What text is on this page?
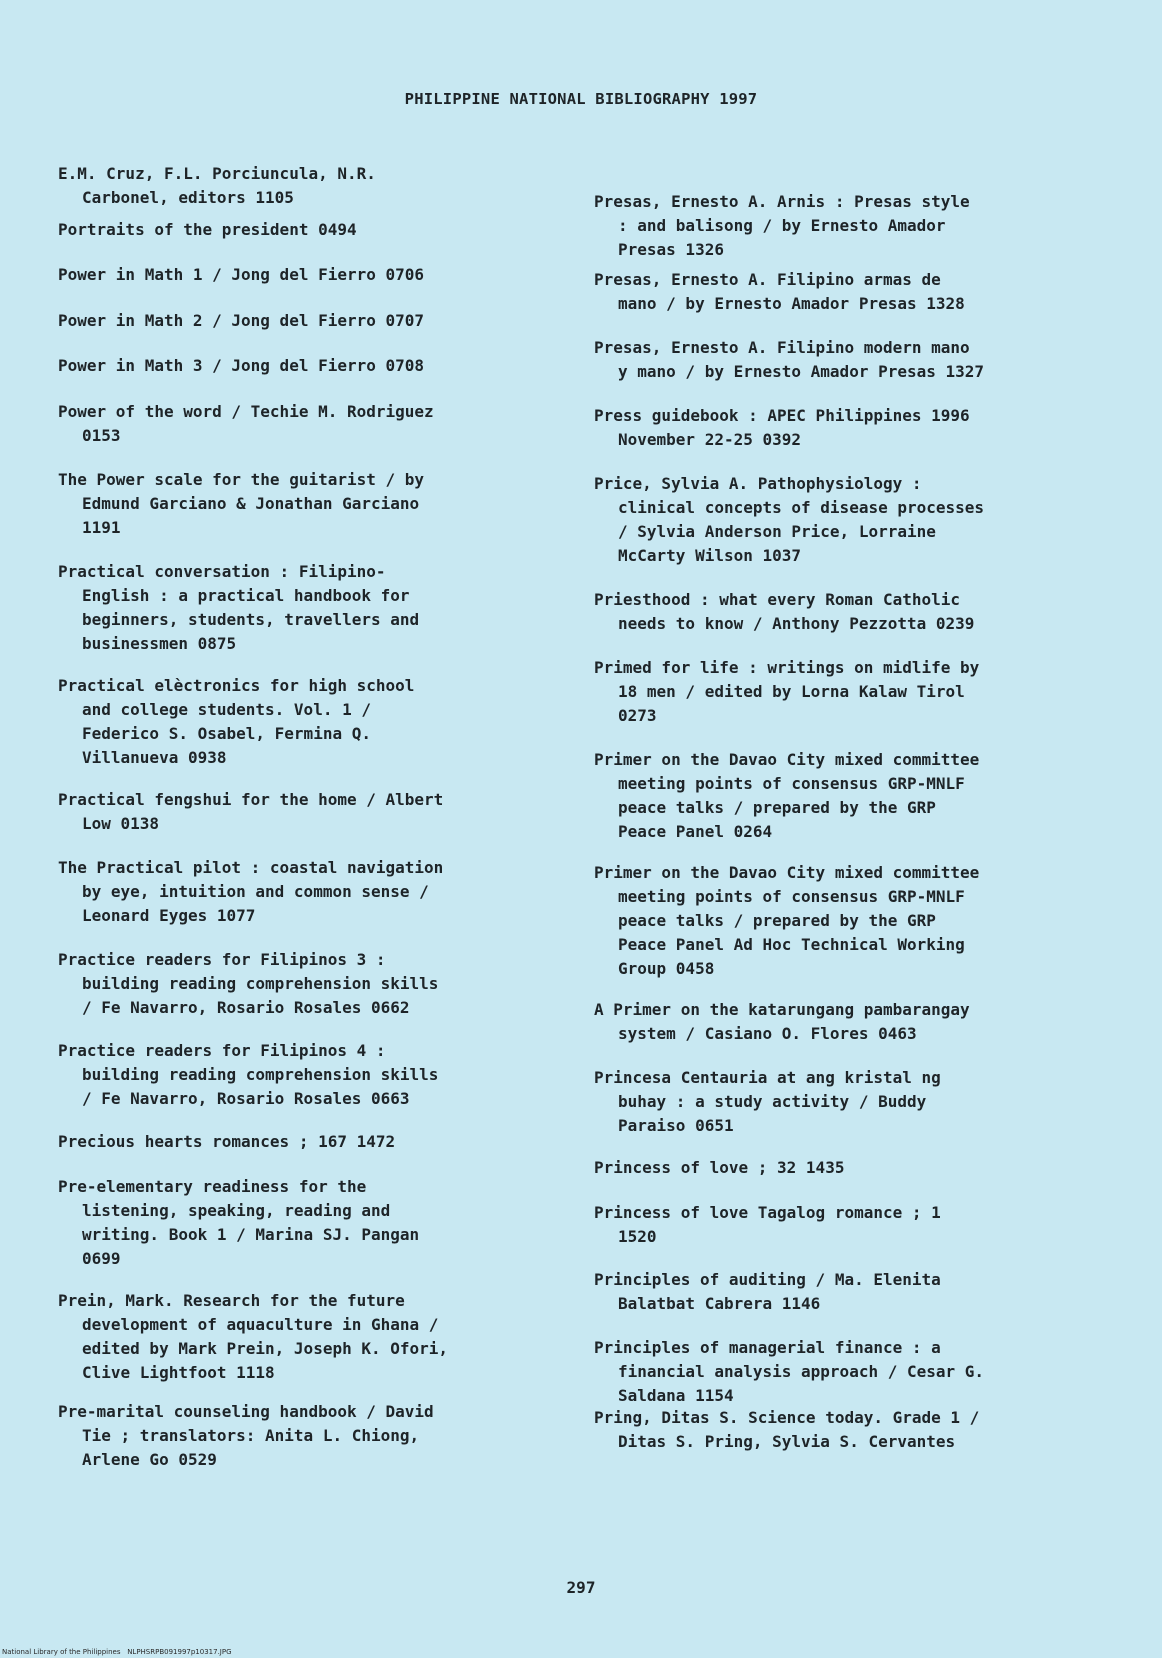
PHILIPPINE NATIONAL BIBLIOGRAPHY 1997

E.M. Cruz, F.L. Porciuncula, N.R.
Carbonel, editors 1105

Portraits of the president 0494

Power in Math 1 / Jong del Fierro 0706

Power in Math 2 / Jong del Fierro 0707

Power in Math 3 / Jong del Fierro 0708

Power of the word / Techie M. Rodriguez
0153

The Power scale for the guitarist / by
Edmund Garciano & Jonathan Garciano
1191

Practical conversation : Filipino-
English : a practical handbook for
beginners, students, travellers and
businessmen 0875

Practical elèctronics for high school
and college students. Vol. 1 /
Federico S. Osabel, Fermina Q.
Villanueva 0938

Practical fengshui for the home / Albert
Low 0138

The Practical pilot : coastal navigation
by eye, intuition and common sense /
Leonard Eyges 1077

Practice readers for Filipinos 3 :
building reading comprehension skills
/ Fe Navarro, Rosario Rosales 0662

Practice readers for Filipinos 4 :
building reading comprehension skills
/ Fe Navarro, Rosario Rosales 0663

Precious hearts romances ; 167 1472

Pre-elementary readiness for the
listening, speaking, reading and
writing. Book 1 / Marina SJ. Pangan
0699

Prein, Mark. Research for the future
development of aquaculture in Ghana /
edited by Mark Prein, Joseph K. Ofori,
Clive Lightfoot 1118

Pre-marital counseling handbook / David
Tie ; translators: Anita L. Chiong,
Arlene Go 0529

Presas, Ernesto A. Arnis : Presas style
: and balisong / by Ernesto Amador
Presas 1326

Presas, Ernesto A. Filipino armas de
mano / by Ernesto Amador Presas 1328

Presas, Ernesto A. Filipino modern mano
y mano / by Ernesto Amador Presas 1327

Press guidebook : APEC Philippines 1996
November 22-25 0392

Price, Sylvia A. Pathophysiology :
clinical concepts of disease processes
/ Sylvia Anderson Price, Lorraine
McCarty Wilson 1037

Priesthood : what every Roman Catholic
needs to know / Anthony Pezzotta 0239

Primed for life : writings on midlife by
18 men / edited by Lorna Kalaw Tirol
0273

Primer on the Davao City mixed committee
meeting points of consensus GRP-MNLF
peace talks / prepared by the GRP
Peace Panel 0264

Primer on the Davao City mixed committee
meeting points of consensus GRP-MNLF
peace talks / prepared by the GRP
Peace Panel Ad Hoc Technical Working
Group 0458

A Primer on the katarungang pambarangay
system / Casiano O. Flores 0463

Princesa Centauria at ang kristal ng
buhay : a study activity / Buddy
Paraiso 0651

Princess of love ; 32 1435

Princess of love Tagalog romance ; 1
1520

Principles of auditing / Ma. Elenita
Balatbat Cabrera 1146

Principles of managerial finance : a
financial analysis approach / Cesar G.
Saldana 1154

Pring, Ditas S. Science today. Grade 1 /
Ditas S. Pring, Sylvia S. Cervantes

297
National Library of the Philippines NLPHSRPB091997p10317.JPG
